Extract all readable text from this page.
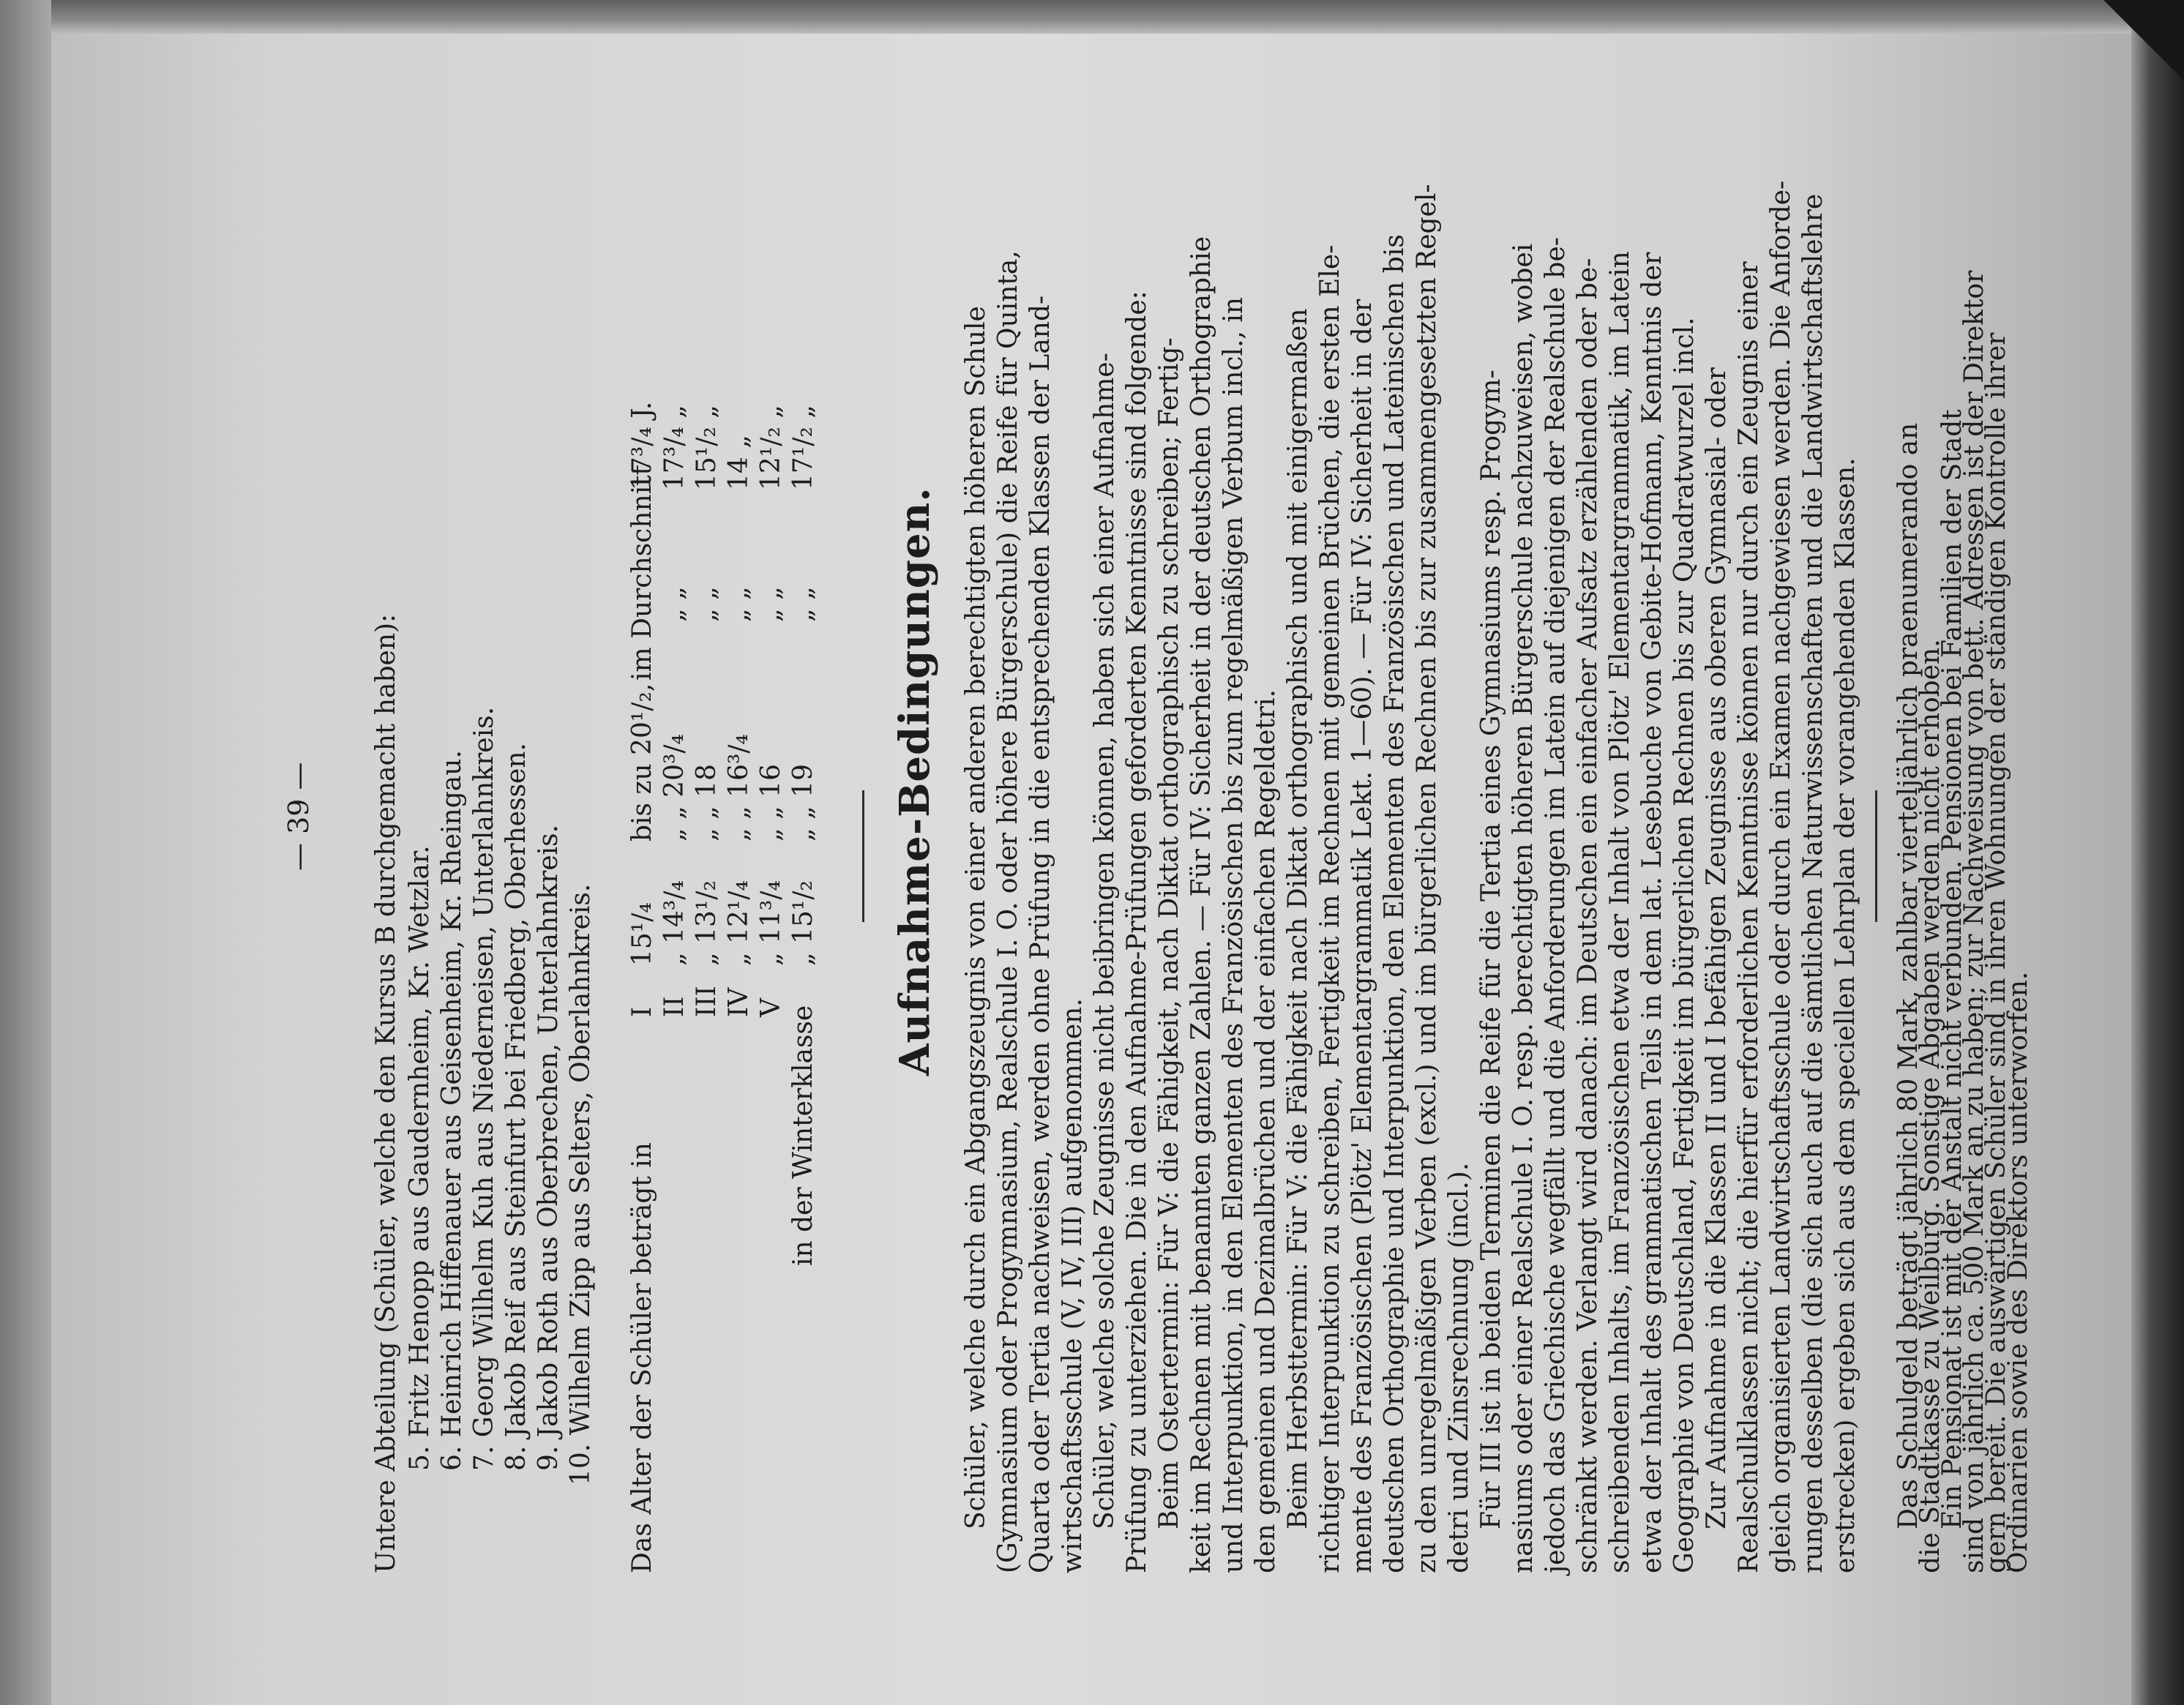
— 39 — Untere Abteilung (Schüler, welche den Kursus B durchgemacht haben): 5. Fritz Henopp aus Gaudernheim, Kr. Wetzlar. 6. Heinrich Hiffenauer aus Geisenheim, Kr. Rheingau. 7. Georg Wilhelm Kuh aus Niederneisen, Unterlahnkreis. 8. Jakob Reif aus Steinfurt bei Friedberg, Oberhessen. 9. Jakob Roth aus Oberbrechen, Unterlahnkreis. 10. Wilhelm Zipp aus Selters, Oberlahnkreis. Das Alter der Schüler beträgt in
I
15¹/₄
bis zu 20¹/₂,
im Durchschnitt
17³/₄ J.
II
„ 14³/₄
„ „ 20³/₄
„ „
17³/₄ „
III
„ 13¹/₂
„ „ 18
„ „
15¹/₂ „
IV
„ 12¹/₄
„ „ 16³/₄
„ „
14 „
V
„ 11³/₄
„ „ 16
„ „
12¹/₂ „
in der Winterklasse
„ 15¹/₂
„ „ 19
„ „
17¹/₂ „
Aufnahme-Bedingungen. Schüler, welche durch ein Abgangszeugnis von einer anderen berechtigten höheren Schule (Gymnasium oder Progymnasium, Realschule I. O. oder höhere Bürgerschule) die Reife für Quinta, Quarta oder Tertia nachweisen, werden ohne Prüfung in die entsprechenden Klassen der Land- wirtschaftsschule (V, IV, III) aufgenommen. Schüler, welche solche Zeugnisse nicht beibringen können, haben sich einer Aufnahme- Prüfung zu unterziehen. Die in den Aufnahme-Prüfungen geforderten Kenntnisse sind folgende: Beim Ostertermin: Für V: die Fähigkeit, nach Diktat orthographisch zu schreiben; Fertig- keit im Rechnen mit benannten ganzen Zahlen. — Für IV: Sicherheit in der deutschen Orthographie und Interpunktion, in den Elementen des Französischen bis zum regelmäßigen Verbum incl., in den gemeinen und Dezimalbrüchen und der einfachen Regeldetri. Beim Herbsttermin: Für V: die Fähigkeit nach Diktat orthographisch und mit einigermaßen richtiger Interpunktion zu schreiben, Fertigkeit im Rechnen mit gemeinen Brüchen, die ersten Ele- mente des Französischen (Plötz' Elementargrammatik Lekt. 1—60). — Für IV: Sicherheit in der deutschen Orthographie und Interpunktion, den Elementen des Französischen und Lateinischen bis zu den unregelmäßigen Verben (excl.) und im bürgerlichen Rechnen bis zur zusammengesetzten Regel- detri und Zinsrechnung (incl.). Für III ist in beiden Terminen die Reife für die Tertia eines Gymnasiums resp. Progym- nasiums oder einer Realschule I. O. resp. berechtigten höheren Bürgerschule nachzuweisen, wobei jedoch das Griechische wegfällt und die Anforderungen im Latein auf diejenigen der Realschule be- schränkt werden. Verlangt wird danach: im Deutschen ein einfacher Aufsatz erzählenden oder be- schreibenden Inhalts, im Französischen etwa der Inhalt von Plötz' Elementargrammatik, im Latein etwa der Inhalt des grammatischen Teils in dem lat. Lesebuche von Gebite-Hofmann, Kenntnis der Geographie von Deutschland, Fertigkeit im bürgerlichen Rechnen bis zur Quadratwurzel incl. Zur Aufnahme in die Klassen II und I befähigen Zeugnisse aus oberen Gymnasial- oder Realschulklassen nicht; die hierfür erforderlichen Kenntnisse können nur durch ein Zeugnis einer gleich organisierten Landwirtschaftsschule oder durch ein Examen nachgewiesen werden. Die Anforde- rungen desselben (die sich auch auf die sämtlichen Naturwissenschaften und die Landwirtschaftslehre erstrecken) ergeben sich aus dem speciellen Lehrplan der vorangehenden Klassen. Das Schulgeld beträgt jährlich 80 Mark, zahlbar vierteljährlich praenumerando an
die Stadtkasse zu Weilburg. Sonstige Abgaben werden nicht erhoben.
Ein Pensionat ist mit der Anstalt nicht verbunden. Pensionen bei Familien der Stadt
sind von jährlich ca. 500 Mark an zu haben; zur Nachweisung von bett. Adressen ist der Direktor
gern bereit. Die auswärtigen Schüler sind in ihren Wohnungen der ständigen Kontrolle ihrer
Ordinarien sowie des Direktors unterworfen.
